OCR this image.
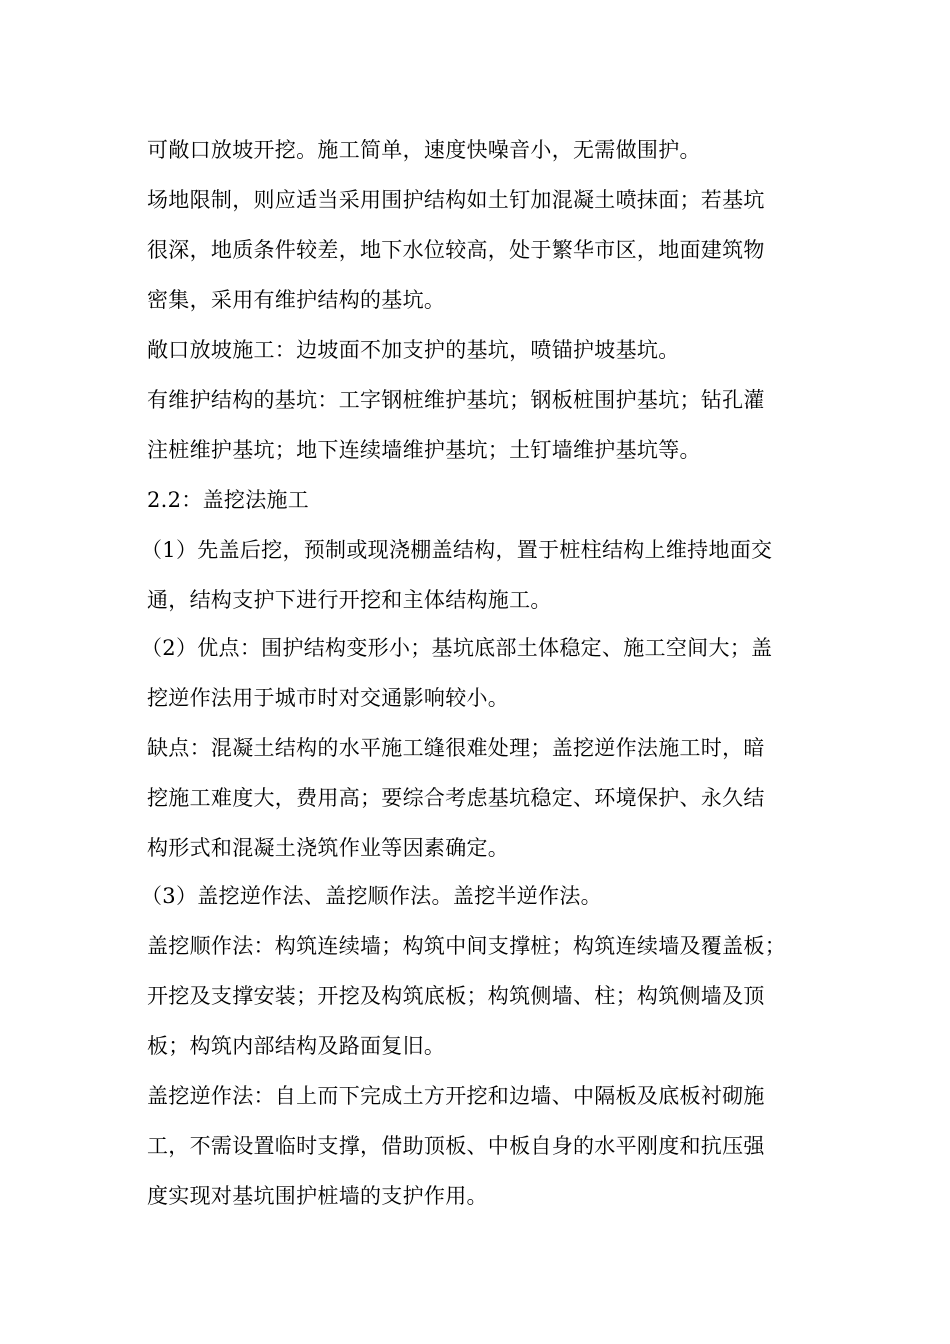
可敞口放坡开挖。施工简单，速度快噪音小，无需做围护。

场地限制，则应适当采用围护结构如土钉加混凝土喷抹面；若基坑

很深，地质条件较差，地下水位较高，处于繁华市区，地面建筑物

密集，采用有维护结构的基坑。

敞口放坡施工：边坡面不加支护的基坑，喷锚护坡基坑。

有维护结构的基坑：工字钢桩维护基坑；钢板桩围护基坑；钻孔灌

注桩维护基坑；地下连续墙维护基坑；土钉墙维护基坑等。

2.2：盖挖法施工

（1）先盖后挖，预制或现浇棚盖结构，置于桩柱结构上维持地面交

通，结构支护下进行开挖和主体结构施工。

（2）优点：围护结构变形小；基坑底部土体稳定、施工空间大；盖

挖逆作法用于城市时对交通影响较小。

缺点：混凝土结构的水平施工缝很难处理；盖挖逆作法施工时，暗

挖施工难度大，费用高；要综合考虑基坑稳定、环境保护、永久结

构形式和混凝土浇筑作业等因素确定。

（3）盖挖逆作法、盖挖顺作法。盖挖半逆作法。

盖挖顺作法：构筑连续墙；构筑中间支撑桩；构筑连续墙及覆盖板；

开挖及支撑安装；开挖及构筑底板；构筑侧墙、柱；构筑侧墙及顶

板；构筑内部结构及路面复旧。

盖挖逆作法：自上而下完成土方开挖和边墙、中隔板及底板衬砌施

工，不需设置临时支撑，借助顶板、中板自身的水平刚度和抗压强

度实现对基坑围护桩墙的支护作用。
